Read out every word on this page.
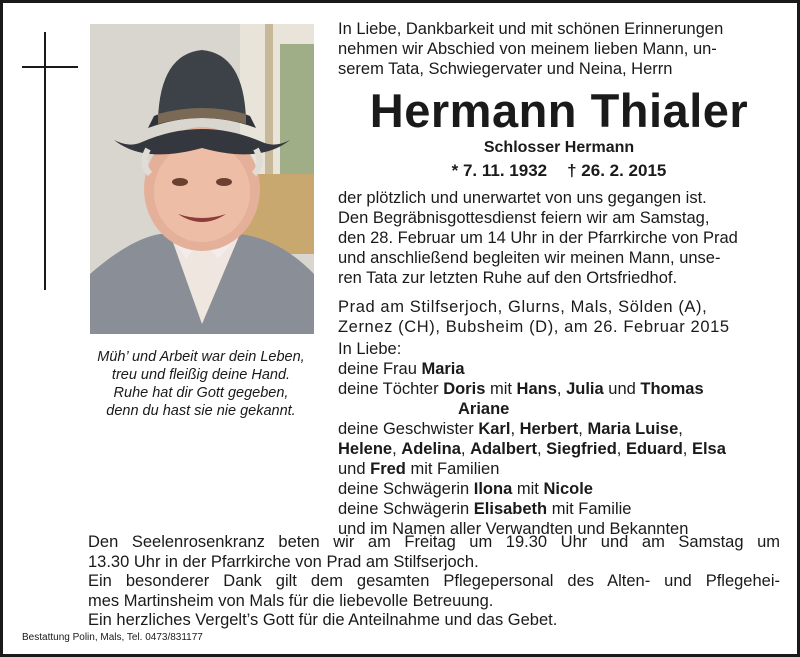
Müh’ und Arbeit war dein Leben,
treu und fleißig deine Hand.
Ruhe hat dir Gott gegeben,
denn du hast sie nie gekannt.
In Liebe, Dankbarkeit und mit schönen Erinnerungen
nehmen wir Abschied von meinem lieben Mann, un-
serem Tata, Schwiegervater und Neina, Herrn
Hermann Thialer
Schlosser Hermann
* 7. 11. 1932 † 26. 2. 2015
der plötzlich und unerwartet von uns gegangen ist.
Den Begräbnisgottesdienst feiern wir am Samstag,
den 28. Februar um 14 Uhr in der Pfarrkirche von Prad
und anschließend begleiten wir meinen Mann, unse-
ren Tata zur letzten Ruhe auf den Ortsfriedhof.
Prad am Stilfserjoch, Glurns, Mals, Sölden (A),
Zernez (CH), Bubsheim (D), am 26. Februar 2015
In Liebe:
deine Frau Maria
deine Töchter Doris mit Hans, Julia und Thomas
Ariane
deine Geschwister Karl, Herbert, Maria Luise,
Helene, Adelina, Adalbert, Siegfried, Eduard, Elsa
und Fred mit Familien
deine Schwägerin Ilona mit Nicole
deine Schwägerin Elisabeth mit Familie
und im Namen aller Verwandten und Bekannten
Den Seelenrosenkranz beten wir am Freitag um 19.30 Uhr und am Samstag um
13.30 Uhr in der Pfarrkirche von Prad am Stilfserjoch.
Ein besonderer Dank gilt dem gesamten Pflegepersonal des Alten- und Pflegehei-
mes Martinsheim von Mals für die liebevolle Betreuung.
Ein herzliches Vergelt’s Gott für die Anteilnahme und das Gebet.
Bestattung Polin, Mals, Tel. 0473/831177
